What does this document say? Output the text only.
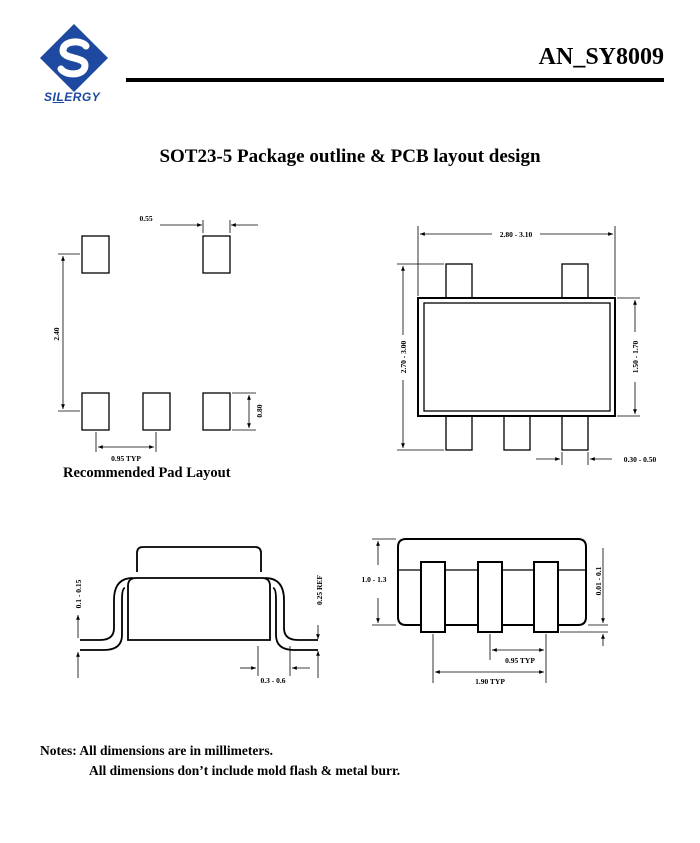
SILERGY
AN_SY8009
SOT23-5 Package outline & PCB layout design
0.55
2.40
0.80
0.95 TYP
2.80 - 3.10
2.70 - 3.00	1.50 - 1.70
0.30 - 0.50
0.1 - 0.15	0.25 REF
0.3 - 0.6
1.0 - 1.3	0.01 - 0.1
0.95 TYP
1.90 TYP
Recommended Pad Layout
Notes: All dimensions are in millimeters.
All dimensions don’t include mold flash & metal burr.
